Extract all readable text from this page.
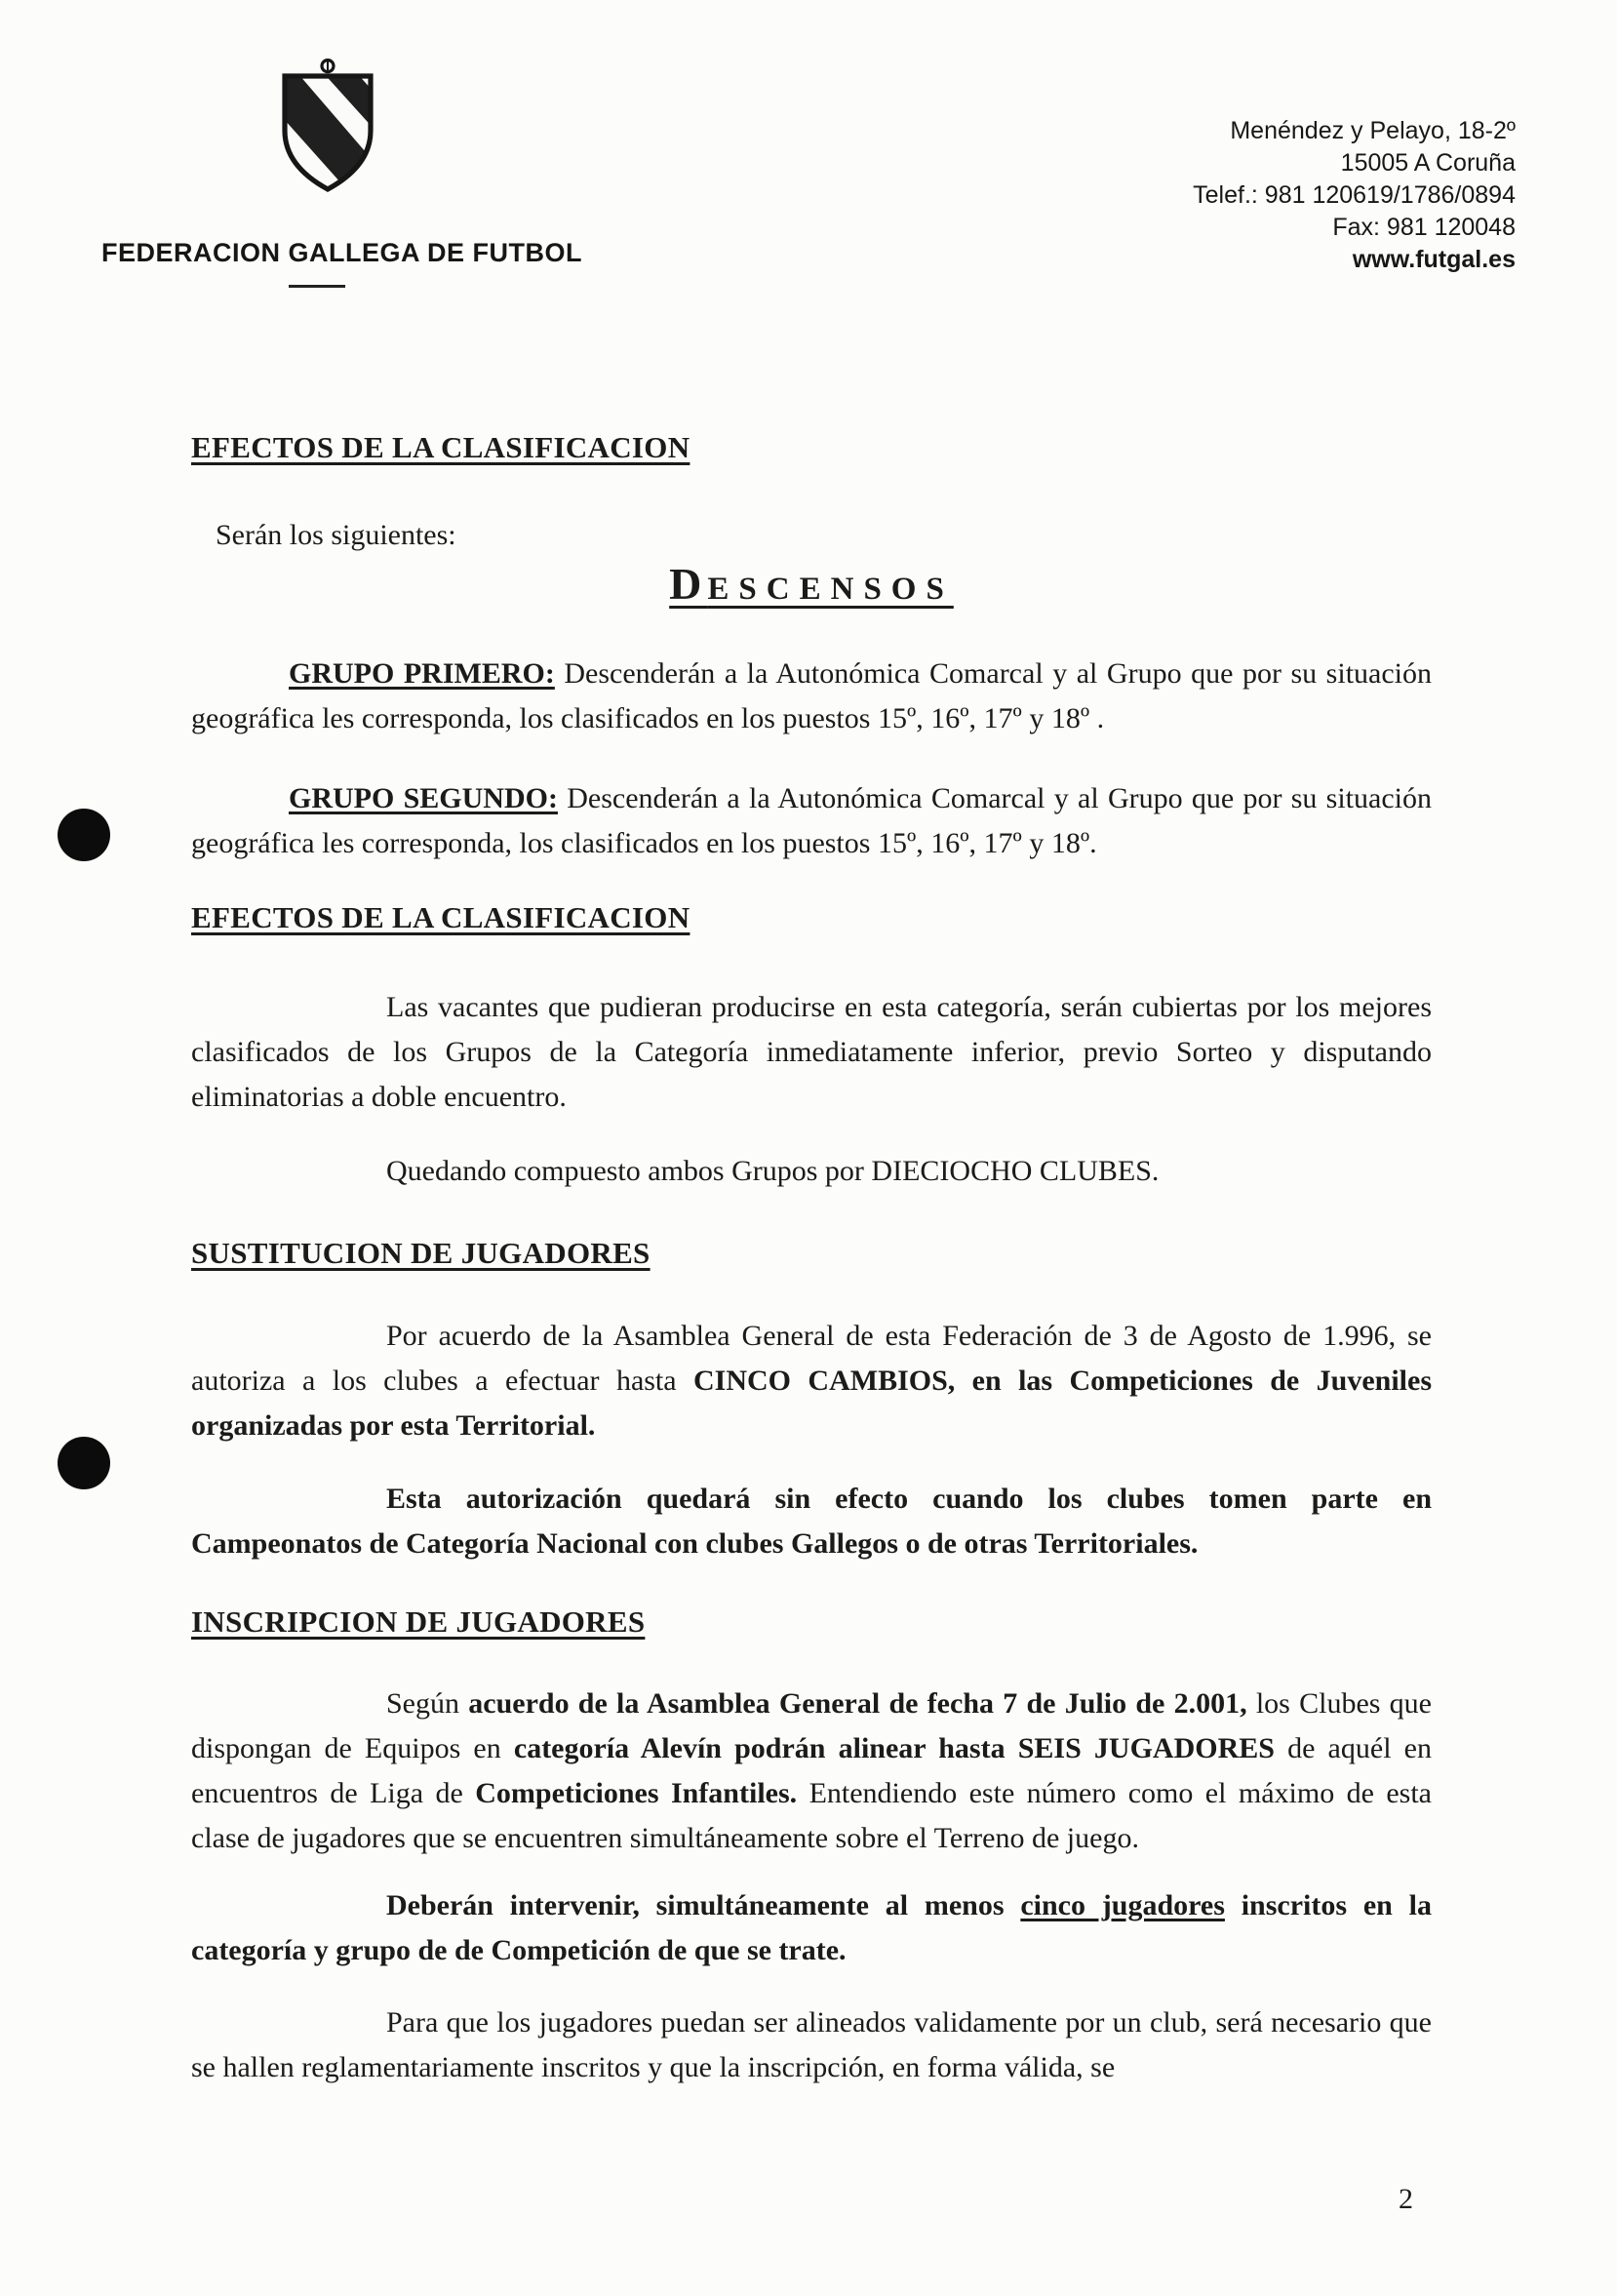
FEDERACION GALLEGA DE FUTBOL
Menéndez y Pelayo, 18-2º
15005 A Coruña
Telef.: 981 120619/1786/0894
Fax: 981 120048
www.futgal.es
EFECTOS DE LA CLASIFICACION
Serán los siguientes:
DESCENSOS

GRUPO PRIMERO: Descenderán a la Autonómica Comarcal y al Grupo que por su situación geográfica les corresponda, los clasificados en los puestos 15º, 16º, 17º y 18º .

GRUPO SEGUNDO: Descenderán a la Autonómica Comarcal y al Grupo que por su situación geográfica les corresponda, los clasificados en los puestos 15º, 16º, 17º y 18º.

EFECTOS DE LA CLASIFICACION

Las vacantes que pudieran producirse en esta categoría, serán cubiertas por los mejores clasificados de los Grupos de la Categoría inmediatamente inferior, previo Sorteo y disputando eliminatorias a doble encuentro.

Quedando compuesto ambos Grupos por DIECIOCHO CLUBES.

SUSTITUCION DE JUGADORES

Por acuerdo de la Asamblea General de esta Federación de 3 de Agosto de 1.996, se autoriza a los clubes a efectuar hasta CINCO CAMBIOS, en las Competiciones de Juveniles organizadas por esta Territorial.

Esta autorización quedará sin efecto cuando los clubes tomen parte en Campeonatos de Categoría Nacional con clubes Gallegos o de otras Territoriales.

INSCRIPCION DE JUGADORES

Según acuerdo de la Asamblea General de fecha 7 de Julio de 2.001, los Clubes que dispongan de Equipos en categoría Alevín podrán alinear hasta SEIS JUGADORES de aquél en encuentros de Liga de Competiciones Infantiles. Entendiendo este número como el máximo de esta clase de jugadores que se encuentren simultáneamente sobre el Terreno de juego.

Deberán intervenir, simultáneamente al menos cinco jugadores inscritos en la categoría y grupo de de Competición de que se trate.

Para que los jugadores puedan ser alineados validamente por un club, será necesario que se hallen reglamentariamente inscritos y que la inscripción, en forma válida, se

2
